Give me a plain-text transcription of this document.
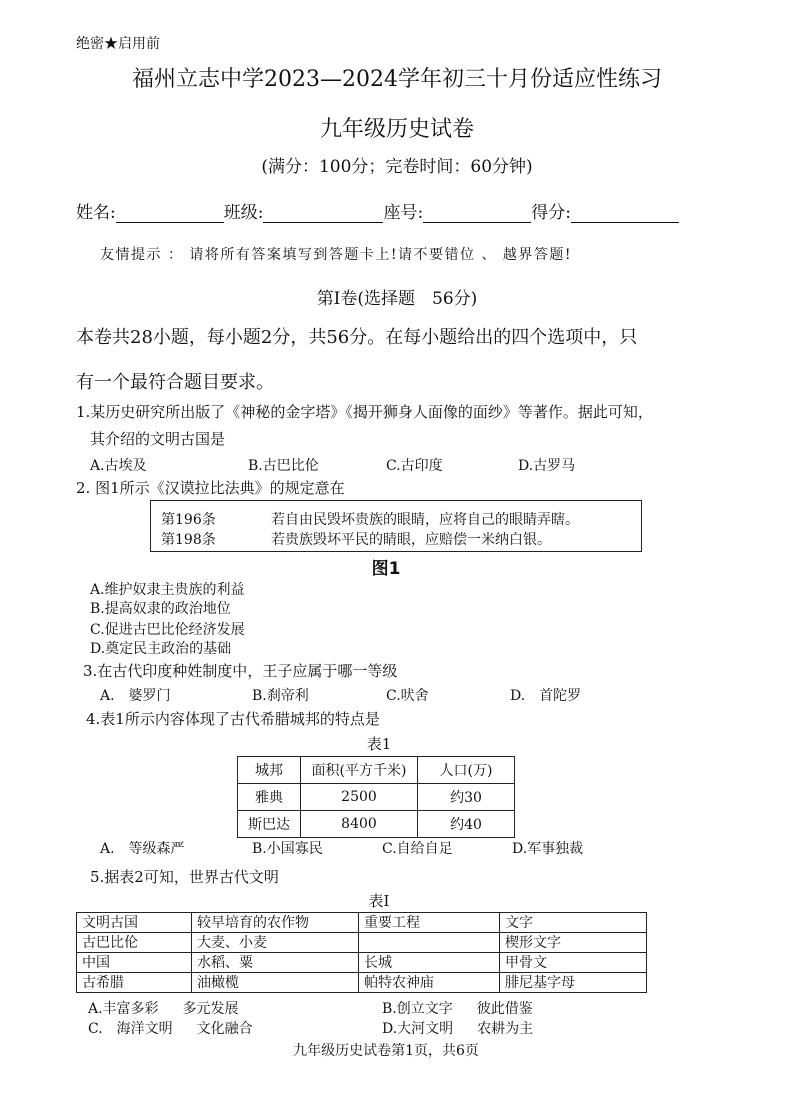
绝密★启用前
福州立志中学2023—2024学年初三十月份适应性练习
九年级历史试卷
(满分：100分；完卷时间：60分钟)
姓名:	班级:	座号:	得分:
友情提示 ： 请将所有答案填写到答题卡上!请不要错位 、 越界答题!
第Ⅰ卷(选择题　56分)
本卷共28小题，每小题2分，共56分。在每小题给出的四个选项中，只
有一个最符合题目要求。
1.某历史研究所出版了《神秘的金字塔》《揭开狮身人面像的面纱》等著作。据此可知，
其介绍的文明古国是
A.古埃及	B.古巴比伦	C.古印度	D.古罗马
2. 图1所示《汉谟拉比法典》的规定意在
第196条	若自由民毁坏贵族的眼睛，应将自己的眼睛弄瞎。
第198条	若贵族毁坏平民的睛眼，应赔偿一米纳白银。
图1
A.维护奴隶主贵族的利益
B.提高奴隶的政治地位
C.促进古巴比伦经济发展
D.奠定民主政治的基础
3.在古代印度种姓制度中，王子应属于哪一等级
A.　婆罗门	B.刹帝利	C.吠舍	D.　首陀罗
4.表1所示内容体现了古代希腊城邦的特点是
表1
城邦	面积(平方千米)	人口(万)
雅典	2500	约30
斯巴达	8400	约40
A.　等级森严	B.小国寡民	C.自给自足	D.军事独裁
5.据表2可知，世界古代文明
表I
文明古国	较早培育的农作物	重要工程	文字
古巴比伦	大麦、小麦		楔形文字
中国	水稻、粟	长城	甲骨文
古希腊	油橄榄	帕特农神庙	腓尼基字母
A.丰富多彩 多元发展	B.创立文字 彼此借鉴
C.　海洋文明 文化融合	D.大河文明 农耕为主
九年级历史试卷第1页，共6页
